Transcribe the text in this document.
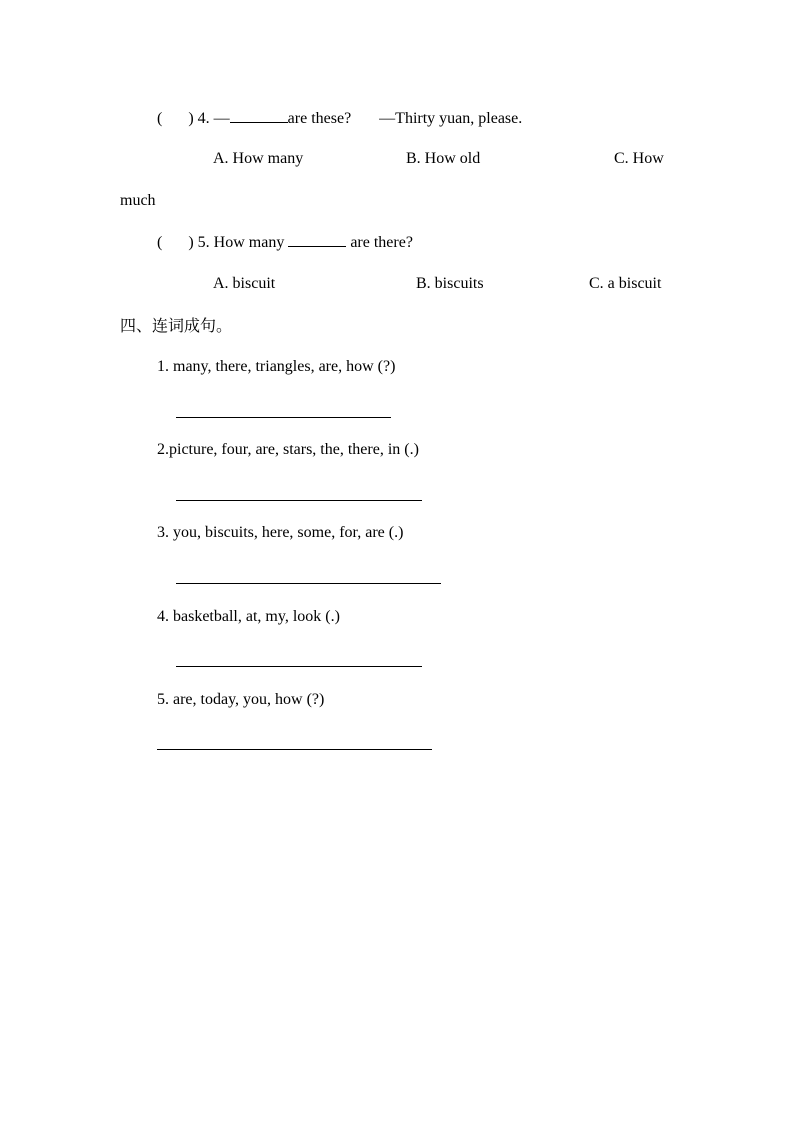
( ) 4. —	are these? —Thirty yuan, please.
A. How many	B. How old	C. How
much
( ) 5. How many	are there?
A. biscuit	B. biscuits	C. a biscuit
四、连词成句。
1. many, there, triangles, are, how (?)
2.picture, four, are, stars, the, there, in (.)
3. you, biscuits, here, some, for, are (.)
4. basketball, at, my, look (.)
5. are, today, you, how (?)
